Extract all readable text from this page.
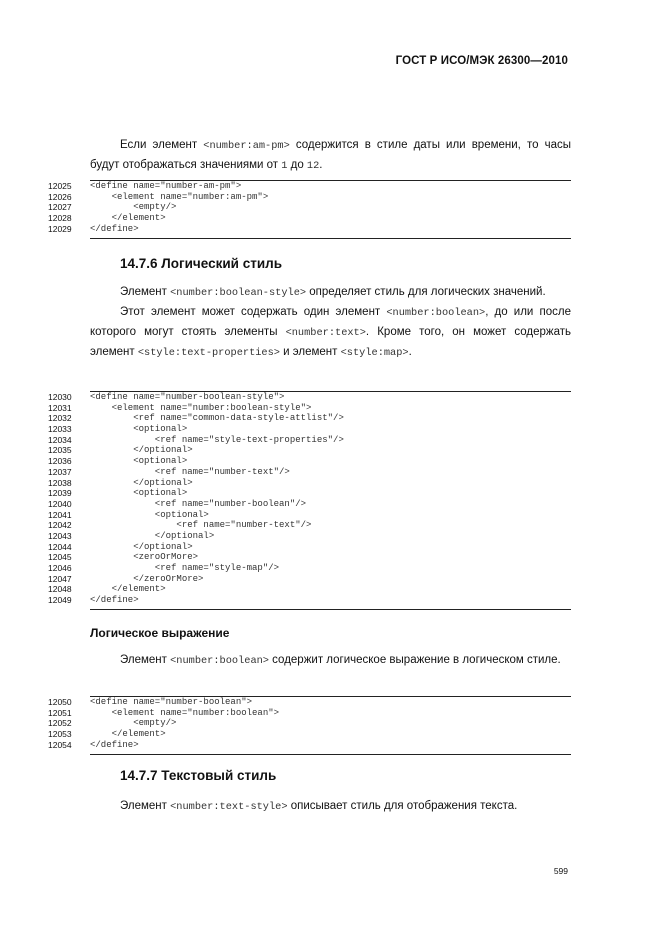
ГОСТ Р ИСО/МЭК 26300—2010

Если элемент <number:am-pm> содержится в стиле даты или времени, то часы будут отображаться значениями от 1 до 12.

12025	<define name="number-am-pm">
12026	<element name="number:am-pm">
12027	<empty/>
12028	</element>
12029	</define>
14.7.6 Логический стиль

Элемент <number:boolean-style> определяет стиль для логических значений.

Этот элемент может содержать один элемент <number:boolean>, до или после которого могут стоять элементы <number:text>. Кроме того, он может содержать элемент <style:text-properties> и элемент <style:map>.

12030	<define name="number-boolean-style">
12031	<element name="number:boolean-style">
12032	<ref name="common-data-style-attlist"/>
12033	<optional>
12034	<ref name="style-text-properties"/>
12035	</optional>
12036	<optional>
12037	<ref name="number-text"/>
12038	</optional>
12039	<optional>
12040	<ref name="number-boolean"/>
12041	<optional>
12042	<ref name="number-text"/>
12043	</optional>
12044	</optional>
12045	<zeroOrMore>
12046	<ref name="style-map"/>
12047	</zeroOrMore>
12048	</element>
12049	</define>
Логическое выражение

Элемент <number:boolean> содержит логическое выражение в логическом стиле.

12050	<define name="number-boolean">
12051	<element name="number:boolean">
12052	<empty/>
12053	</element>
12054	</define>
14.7.7 Текстовый стиль

Элемент <number:text-style> описывает стиль для отображения текста.

599
